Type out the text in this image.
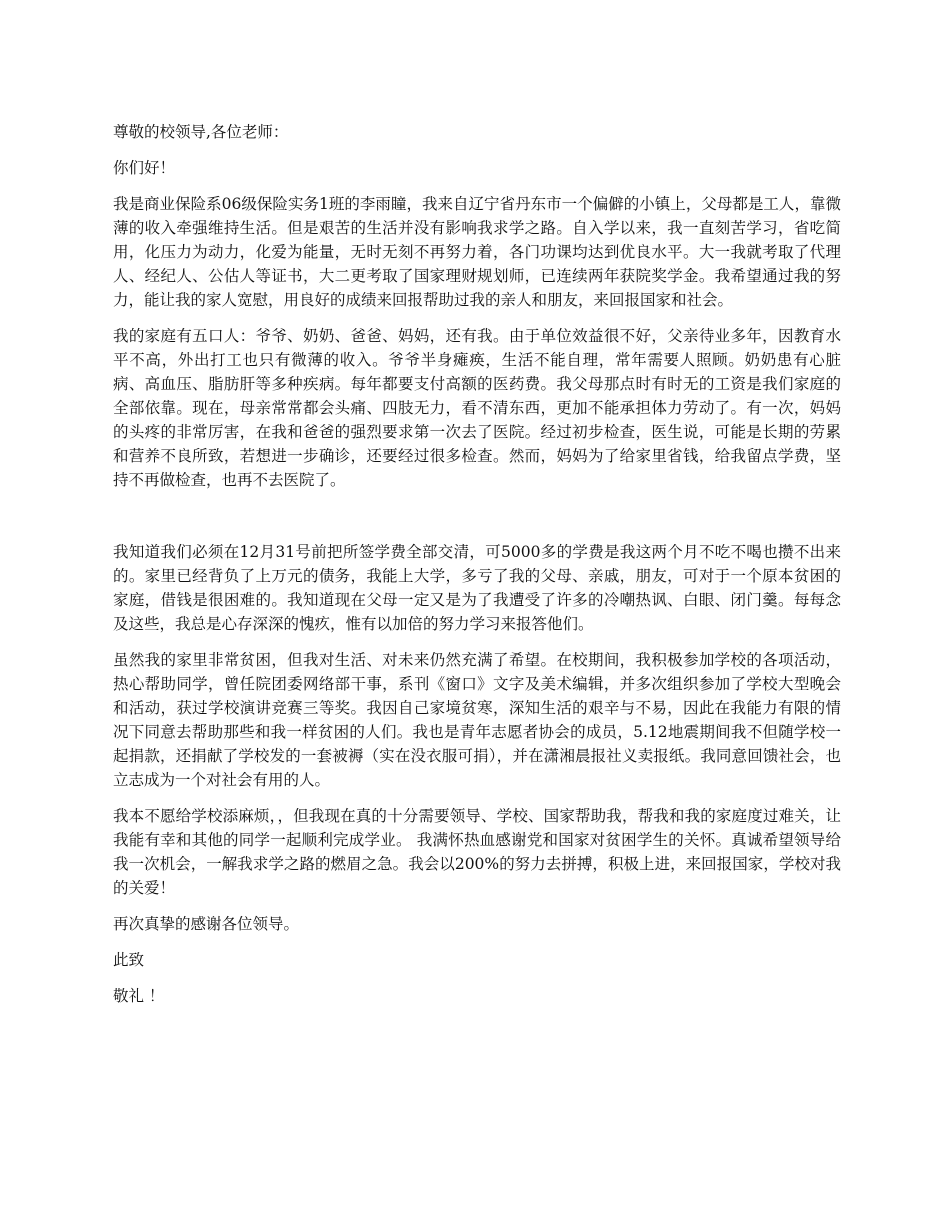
尊敬的校领导,各位老师：

你们好！

我是商业保险系06级保险实务1班的李雨瞳，我来自辽宁省丹东市一个偏僻的小镇上，父母都是工人，靠微薄的收入牵强维持生活。但是艰苦的生活并没有影响我求学之路。自入学以来，我一直刻苦学习，省吃简用，化压力为动力，化爱为能量，无时无刻不再努力着，各门功课均达到优良水平。大一我就考取了代理人、经纪人、公估人等证书，大二更考取了国家理财规划师，已连续两年获院奖学金。我希望通过我的努力，能让我的家人宽慰，用良好的成绩来回报帮助过我的亲人和朋友，来回报国家和社会。

我的家庭有五口人：爷爷、奶奶、爸爸、妈妈，还有我。由于单位效益很不好，父亲待业多年，因教育水平不高，外出打工也只有微薄的收入。爷爷半身瘫痪，生活不能自理，常年需要人照顾。奶奶患有心脏病、高血压、脂肪肝等多种疾病。每年都要支付高额的医药费。我父母那点时有时无的工资是我们家庭的全部依靠。现在，母亲常常都会头痛、四肢无力，看不清东西，更加不能承担体力劳动了。有一次，妈妈的头疼的非常厉害，在我和爸爸的强烈要求第一次去了医院。经过初步检查，医生说，可能是长期的劳累和营养不良所致，若想进一步确诊，还要经过很多检查。然而，妈妈为了给家里省钱，给我留点学费，坚持不再做检查，也再不去医院了。

我知道我们必须在12月31号前把所签学费全部交清，可5000多的学费是我这两个月不吃不喝也攒不出来的。家里已经背负了上万元的债务，我能上大学，多亏了我的父母、亲戚，朋友，可对于一个原本贫困的家庭，借钱是很困难的。我知道现在父母一定又是为了我遭受了许多的冷嘲热讽、白眼、闭门羹。每每念及这些，我总是心存深深的愧疚，惟有以加倍的努力学习来报答他们。

虽然我的家里非常贫困，但我对生活、对未来仍然充满了希望。在校期间，我积极参加学校的各项活动，热心帮助同学，曾任院团委网络部干事，系刊《窗口》文字及美术编辑，并多次组织参加了学校大型晚会和活动，获过学校演讲竞赛三等奖。我因自己家境贫寒，深知生活的艰辛与不易，因此在我能力有限的情况下同意去帮助那些和我一样贫困的人们。我也是青年志愿者协会的成员，5.12地震期间我不但随学校一起捐款，还捐献了学校发的一套被褥（实在没衣服可捐），并在潇湘晨报社义卖报纸。我同意回馈社会，也立志成为一个对社会有用的人。

我本不愿给学校添麻烦，，但我现在真的十分需要领导、学校、国家帮助我，帮我和我的家庭度过难关，让我能有幸和其他的同学一起顺利完成学业。 我满怀热血感谢党和国家对贫困学生的关怀。真诚希望领导给我一次机会，一解我求学之路的燃眉之急。我会以200%的努力去拼搏，积极上进，来回报国家，学校对我的关爱！

再次真挚的感谢各位领导。

此致

敬礼 ！
